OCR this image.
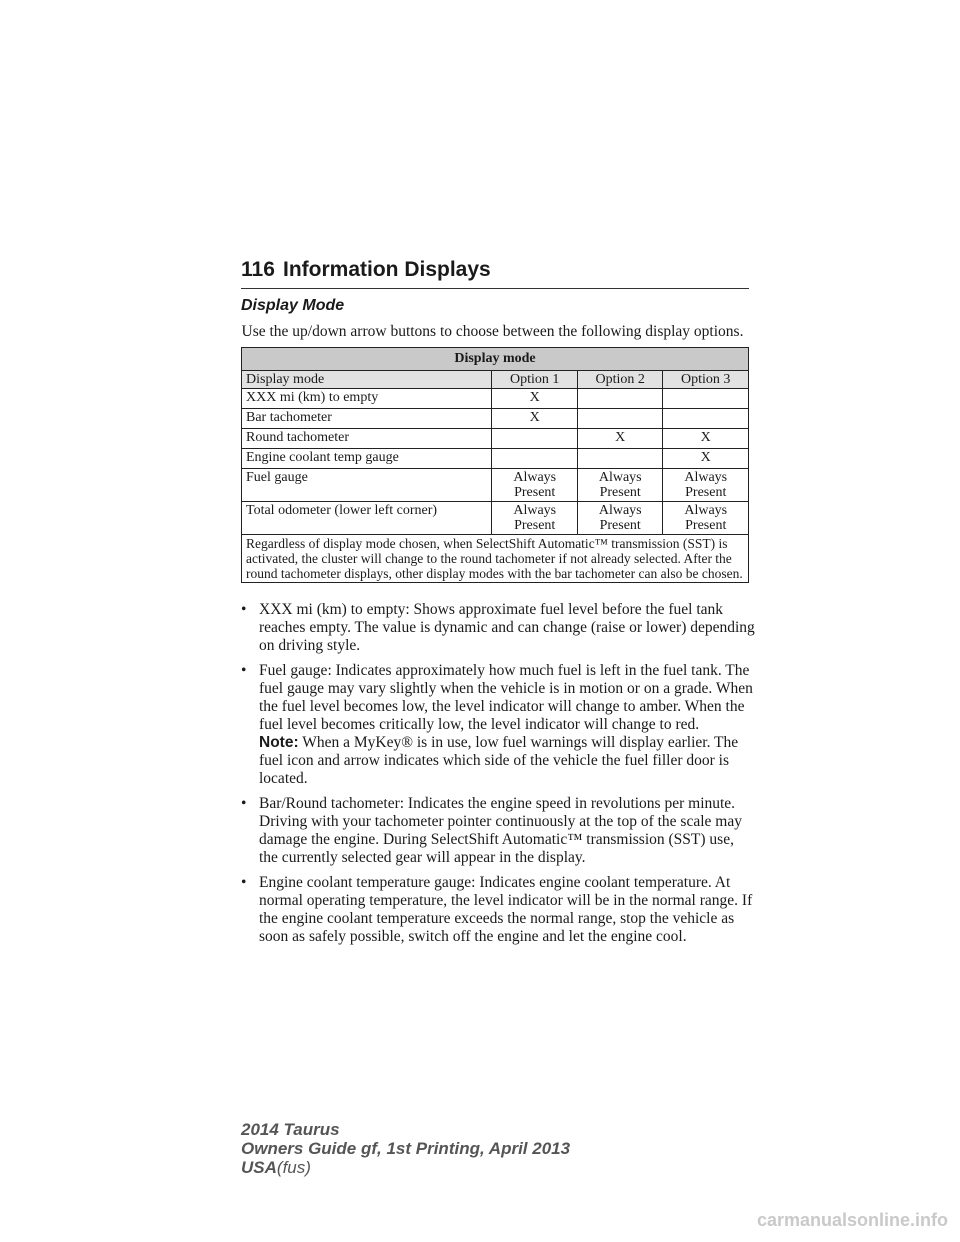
116 Information Displays
Display Mode
Use the up/down arrow buttons to choose between the following display options.			
Display mode			
Display mode	Option 1	Option 2	Option 3
XXX mi (km) to empty	X		
Bar tachometer	X		
Round tachometer		X	X
Engine coolant temp gauge			X
Fuel gauge	Always Present	Always Present	Always Present
Total odometer (lower left corner)	Always Present	Always Present	Always Present
Regardless of display mode chosen, when SelectShift Automatic™ transmission (SST) is activated, the cluster will change to the round tachometer if not already selected. After the round tachometer displays, other display modes with the bar tachometer can also be chosen.			
• XXX mi (km) to empty: Shows approximate fuel level before the fuel tank reaches empty. The value is dynamic and can change (raise or lower) depending on driving style.
• Fuel gauge: Indicates approximately how much fuel is left in the fuel tank. The fuel gauge may vary slightly when the vehicle is in motion or on a grade. When the fuel level becomes low, the level indicator will change to amber. When the fuel level becomes critically low, the level indicator will change to red.
Note: When a MyKey® is in use, low fuel warnings will display earlier. The fuel icon and arrow indicates which side of the vehicle the fuel filler door is located.
• Bar/Round tachometer: Indicates the engine speed in revolutions per minute. Driving with your tachometer pointer continuously at the top of the scale may damage the engine. During SelectShift Automatic™ transmission (SST) use, the currently selected gear will appear in the display.
• Engine coolant temperature gauge: Indicates engine coolant temperature. At normal operating temperature, the level indicator will be in the normal range. If the engine coolant temperature exceeds the normal range, stop the vehicle as soon as safely possible, switch off the engine and let the engine cool.
2014 Taurus
Owners Guide gf, 1st Printing, April 2013
USA(fus)
carmanualsonline.info
